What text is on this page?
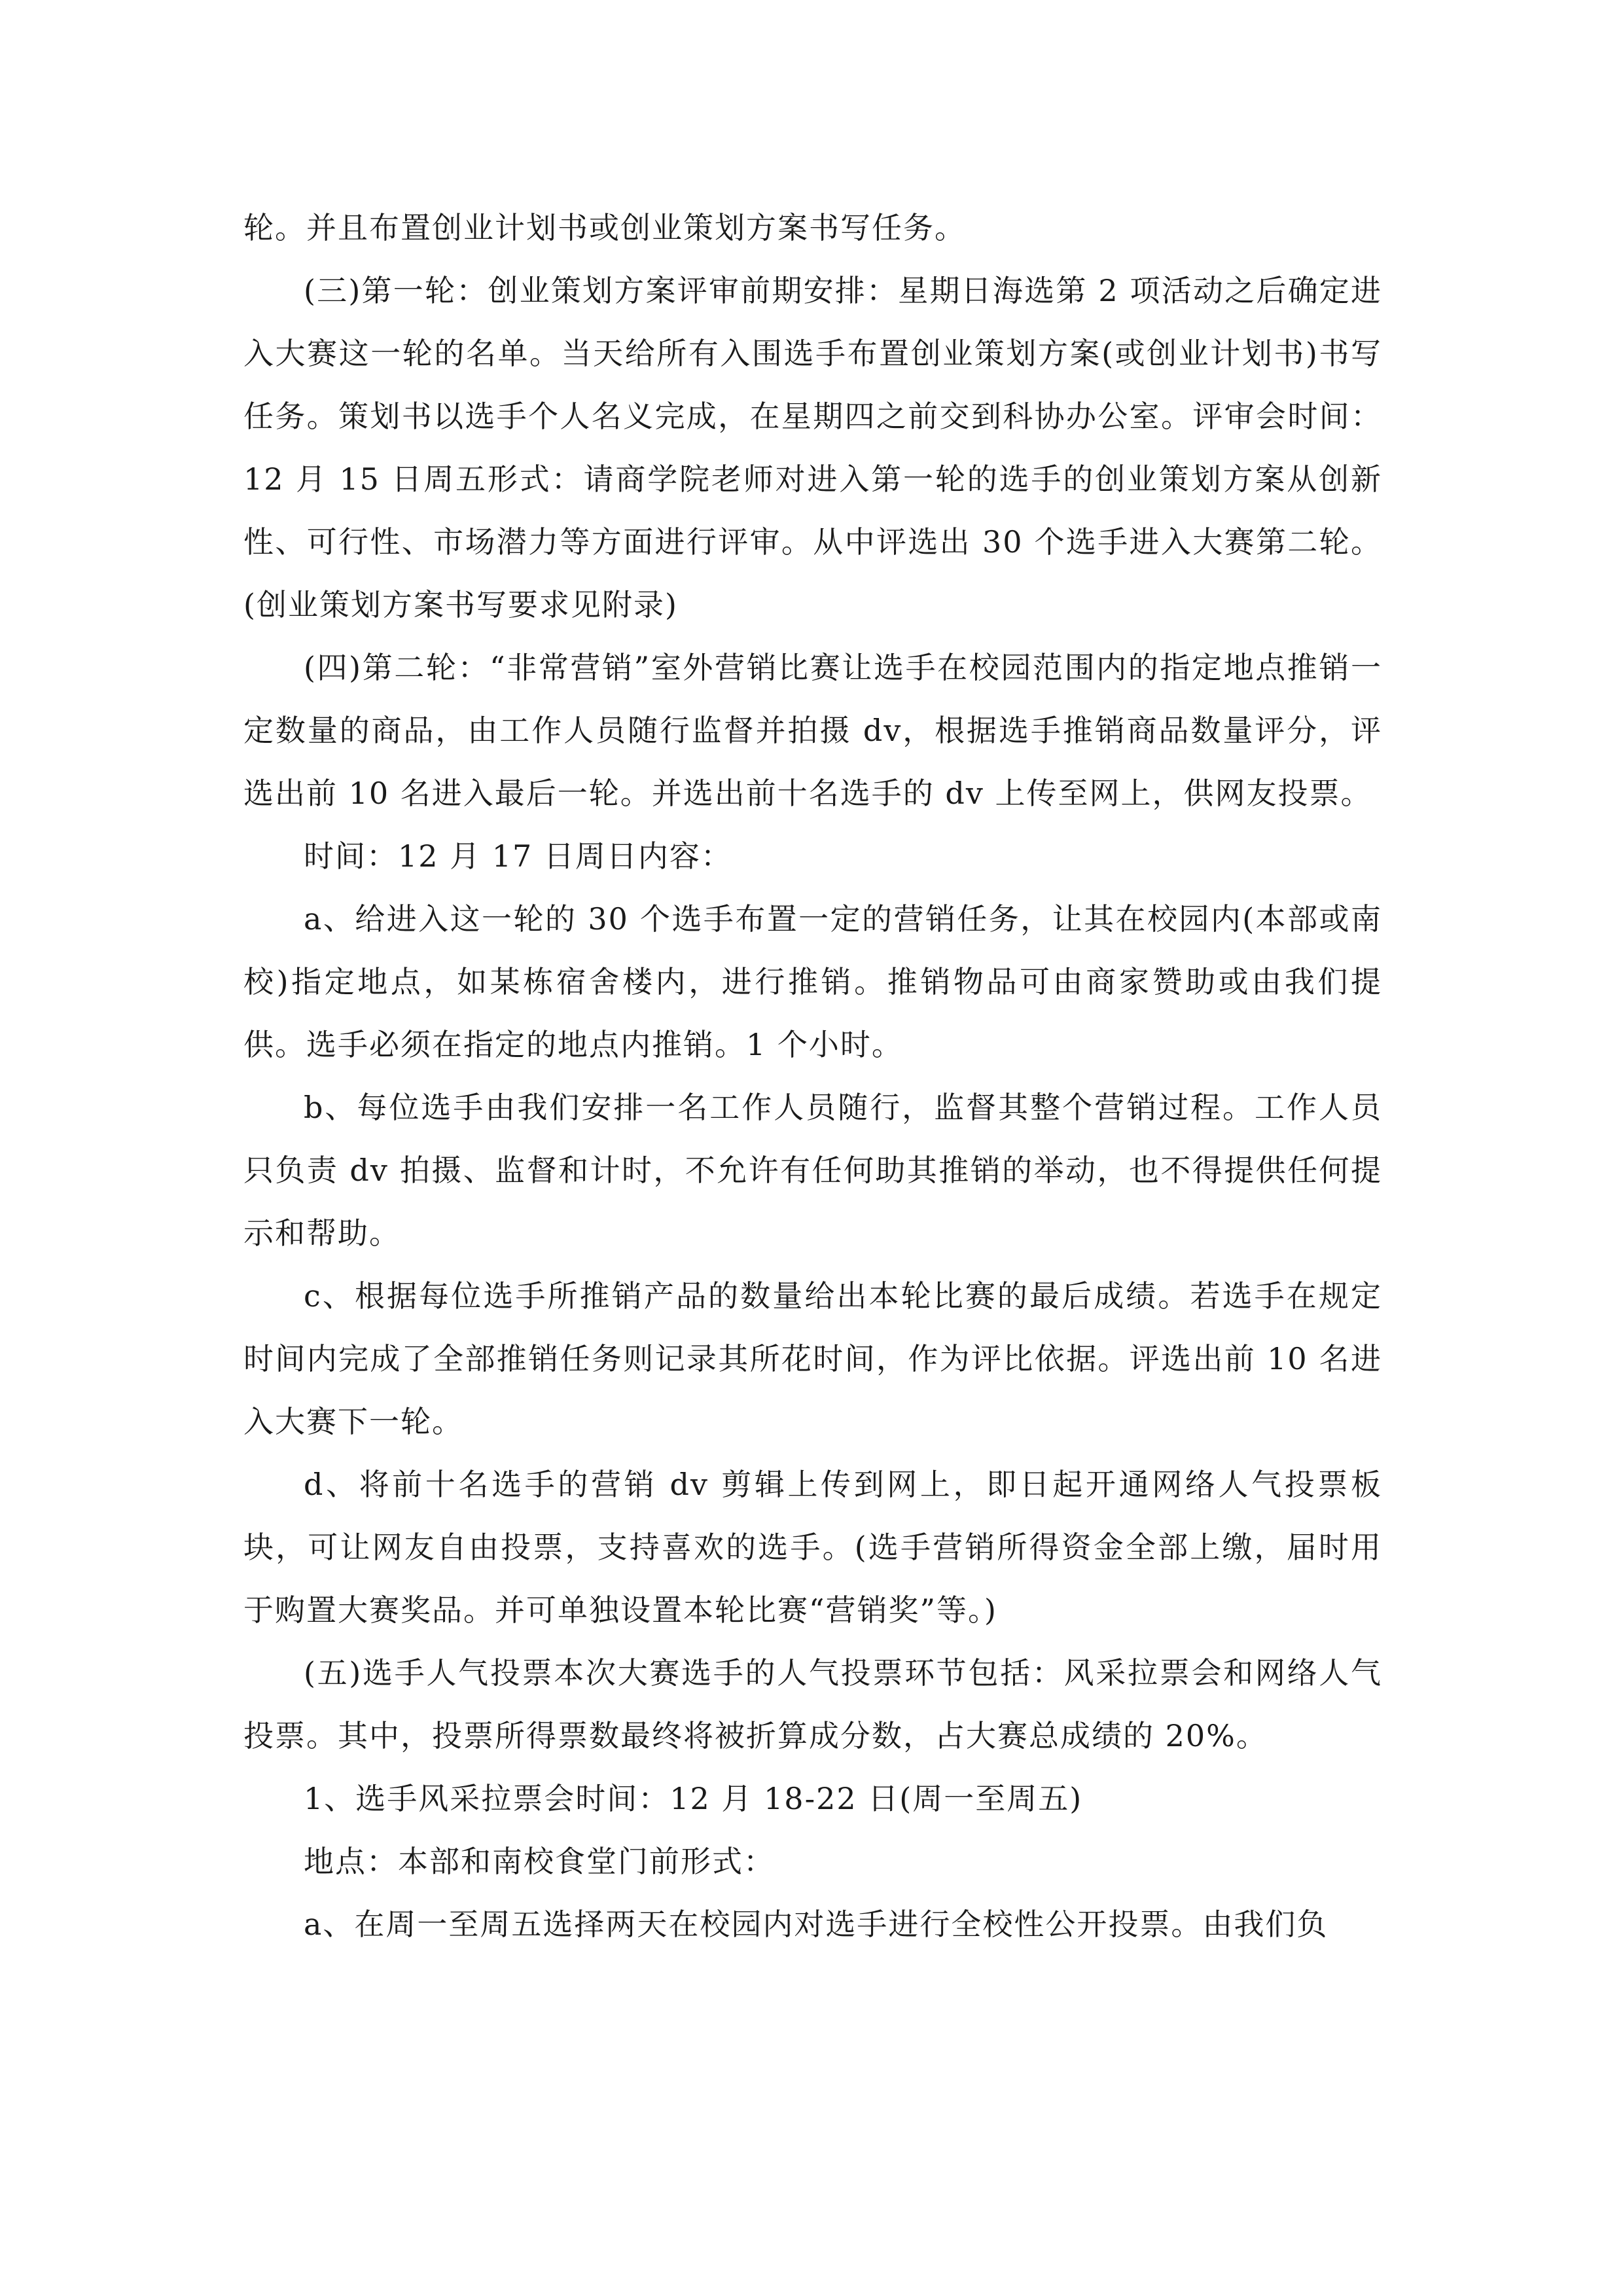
轮。并且布置创业计划书或创业策划方案书写任务。

(三)第一轮：创业策划方案评审前期安排：星期日海选第 2 项活动之后确定进入大赛这一轮的名单。当天给所有入围选手布置创业策划方案(或创业计划书)书写任务。策划书以选手个人名义完成，在星期四之前交到科协办公室。评审会时间：12 月 15 日周五形式：请商学院老师对进入第一轮的选手的创业策划方案从创新性、可行性、市场潜力等方面进行评审。从中评选出 30 个选手进入大赛第二轮。(创业策划方案书写要求见附录)

(四)第二轮：“非常营销”室外营销比赛让选手在校园范围内的指定地点推销一定数量的商品，由工作人员随行监督并拍摄 dv，根据选手推销商品数量评分，评选出前 10 名进入最后一轮。并选出前十名选手的 dv 上传至网上，供网友投票。

时间：12 月 17 日周日内容：

a、给进入这一轮的 30 个选手布置一定的营销任务，让其在校园内(本部或南校)指定地点，如某栋宿舍楼内，进行推销。推销物品可由商家赞助或由我们提供。选手必须在指定的地点内推销。1 个小时。

b、每位选手由我们安排一名工作人员随行，监督其整个营销过程。工作人员只负责 dv 拍摄、监督和计时，不允许有任何助其推销的举动，也不得提供任何提示和帮助。

c、根据每位选手所推销产品的数量给出本轮比赛的最后成绩。若选手在规定时间内完成了全部推销任务则记录其所花时间，作为评比依据。评选出前 10 名进入大赛下一轮。

d、将前十名选手的营销 dv 剪辑上传到网上，即日起开通网络人气投票板块，可让网友自由投票，支持喜欢的选手。(选手营销所得资金全部上缴，届时用于购置大赛奖品。并可单独设置本轮比赛“营销奖”等。)

(五)选手人气投票本次大赛选手的人气投票环节包括：风采拉票会和网络人气投票。其中，投票所得票数最终将被折算成分数，占大赛总成绩的 20%。

1、选手风采拉票会时间：12 月 18-22 日(周一至周五)

地点：本部和南校食堂门前形式：

a、在周一至周五选择两天在校园内对选手进行全校性公开投票。由我们负
